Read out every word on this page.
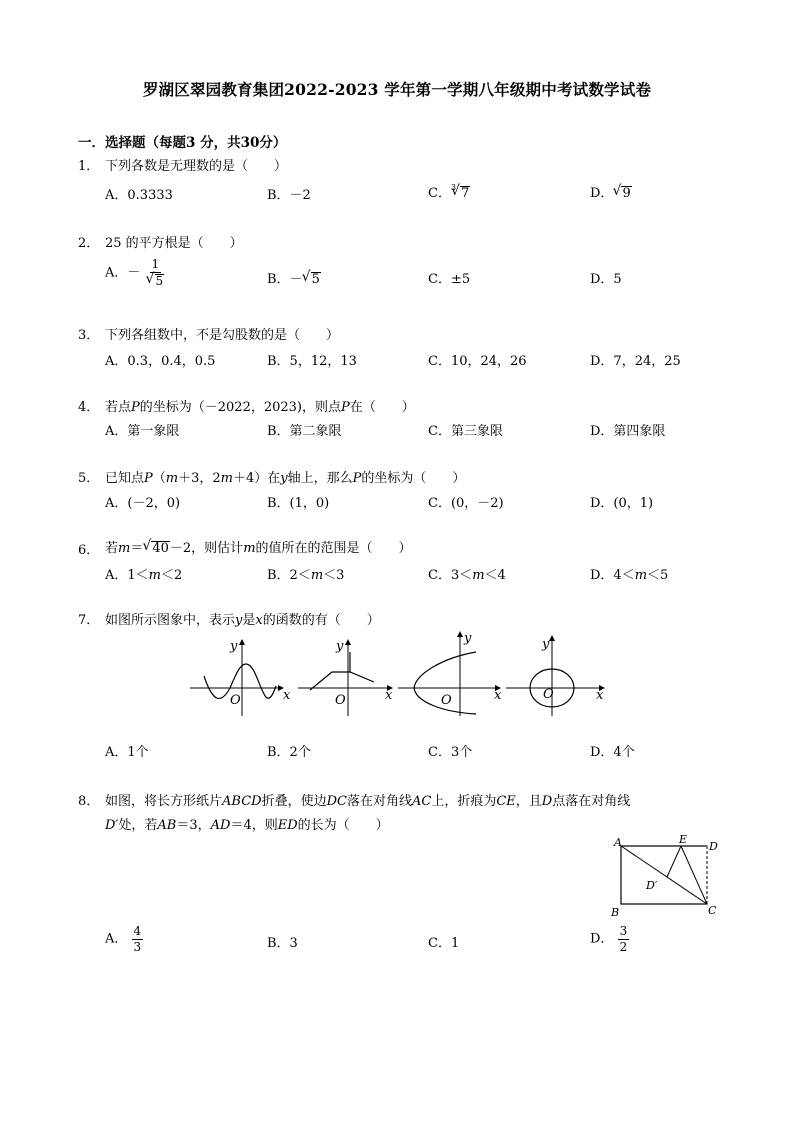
罗湖区翠园教育集团2022-2023 学年第一学期八年级期中考试数学试卷
一．选择题（每题3 分，共30分）
1． 下列各数是无理数的是（　　）
A．0.3333	B．－2	C．$^3$ √ 7	D． √ 9
2． 25 的平方根是（　　）
A．－ 1
√ 5	B．－ √ 5	C．±5	D．5
3． 下列各组数中，不是勾股数的是（　　）
A．0.3，0.4，0.5	B．5，12，13	C．10，24，26	D．7，24，25
4． 若点P的坐标为（－2022，2023)，则点P在（　　）
A．第一象限	B．第二象限	C．第三象限	D．第四象限
5． 已知点P（m＋3，2m＋4）在y轴上，那么P的坐标为（　　）
A．(－2，0)	B．(1，0)	C．(0，－2)	D．(0，1)
6． 若m＝ √ 40－2，则估计m的值所在的范围是（　　）
A．1＜m＜2	B．2＜m＜3	C．3＜m＜4	D．4＜m＜5
7． 如图所示图象中，表示y是x的函数的有（　　）
y
O	x
y
O	x
y
O	x
y
O	x
A．1个	B．2个	C．3个	D．4个
8． 如图，将长方形纸片ABCD折叠，使边DC落在对角线AC上，折痕为CE，且D点落在对角线
D′处，若AB＝3，AD＝4，则ED的长为（　　）
A	E
D
D′
B	C
A． $\frac{4}{3}$	B．3	C．1	D． $\frac{3}{2}$
